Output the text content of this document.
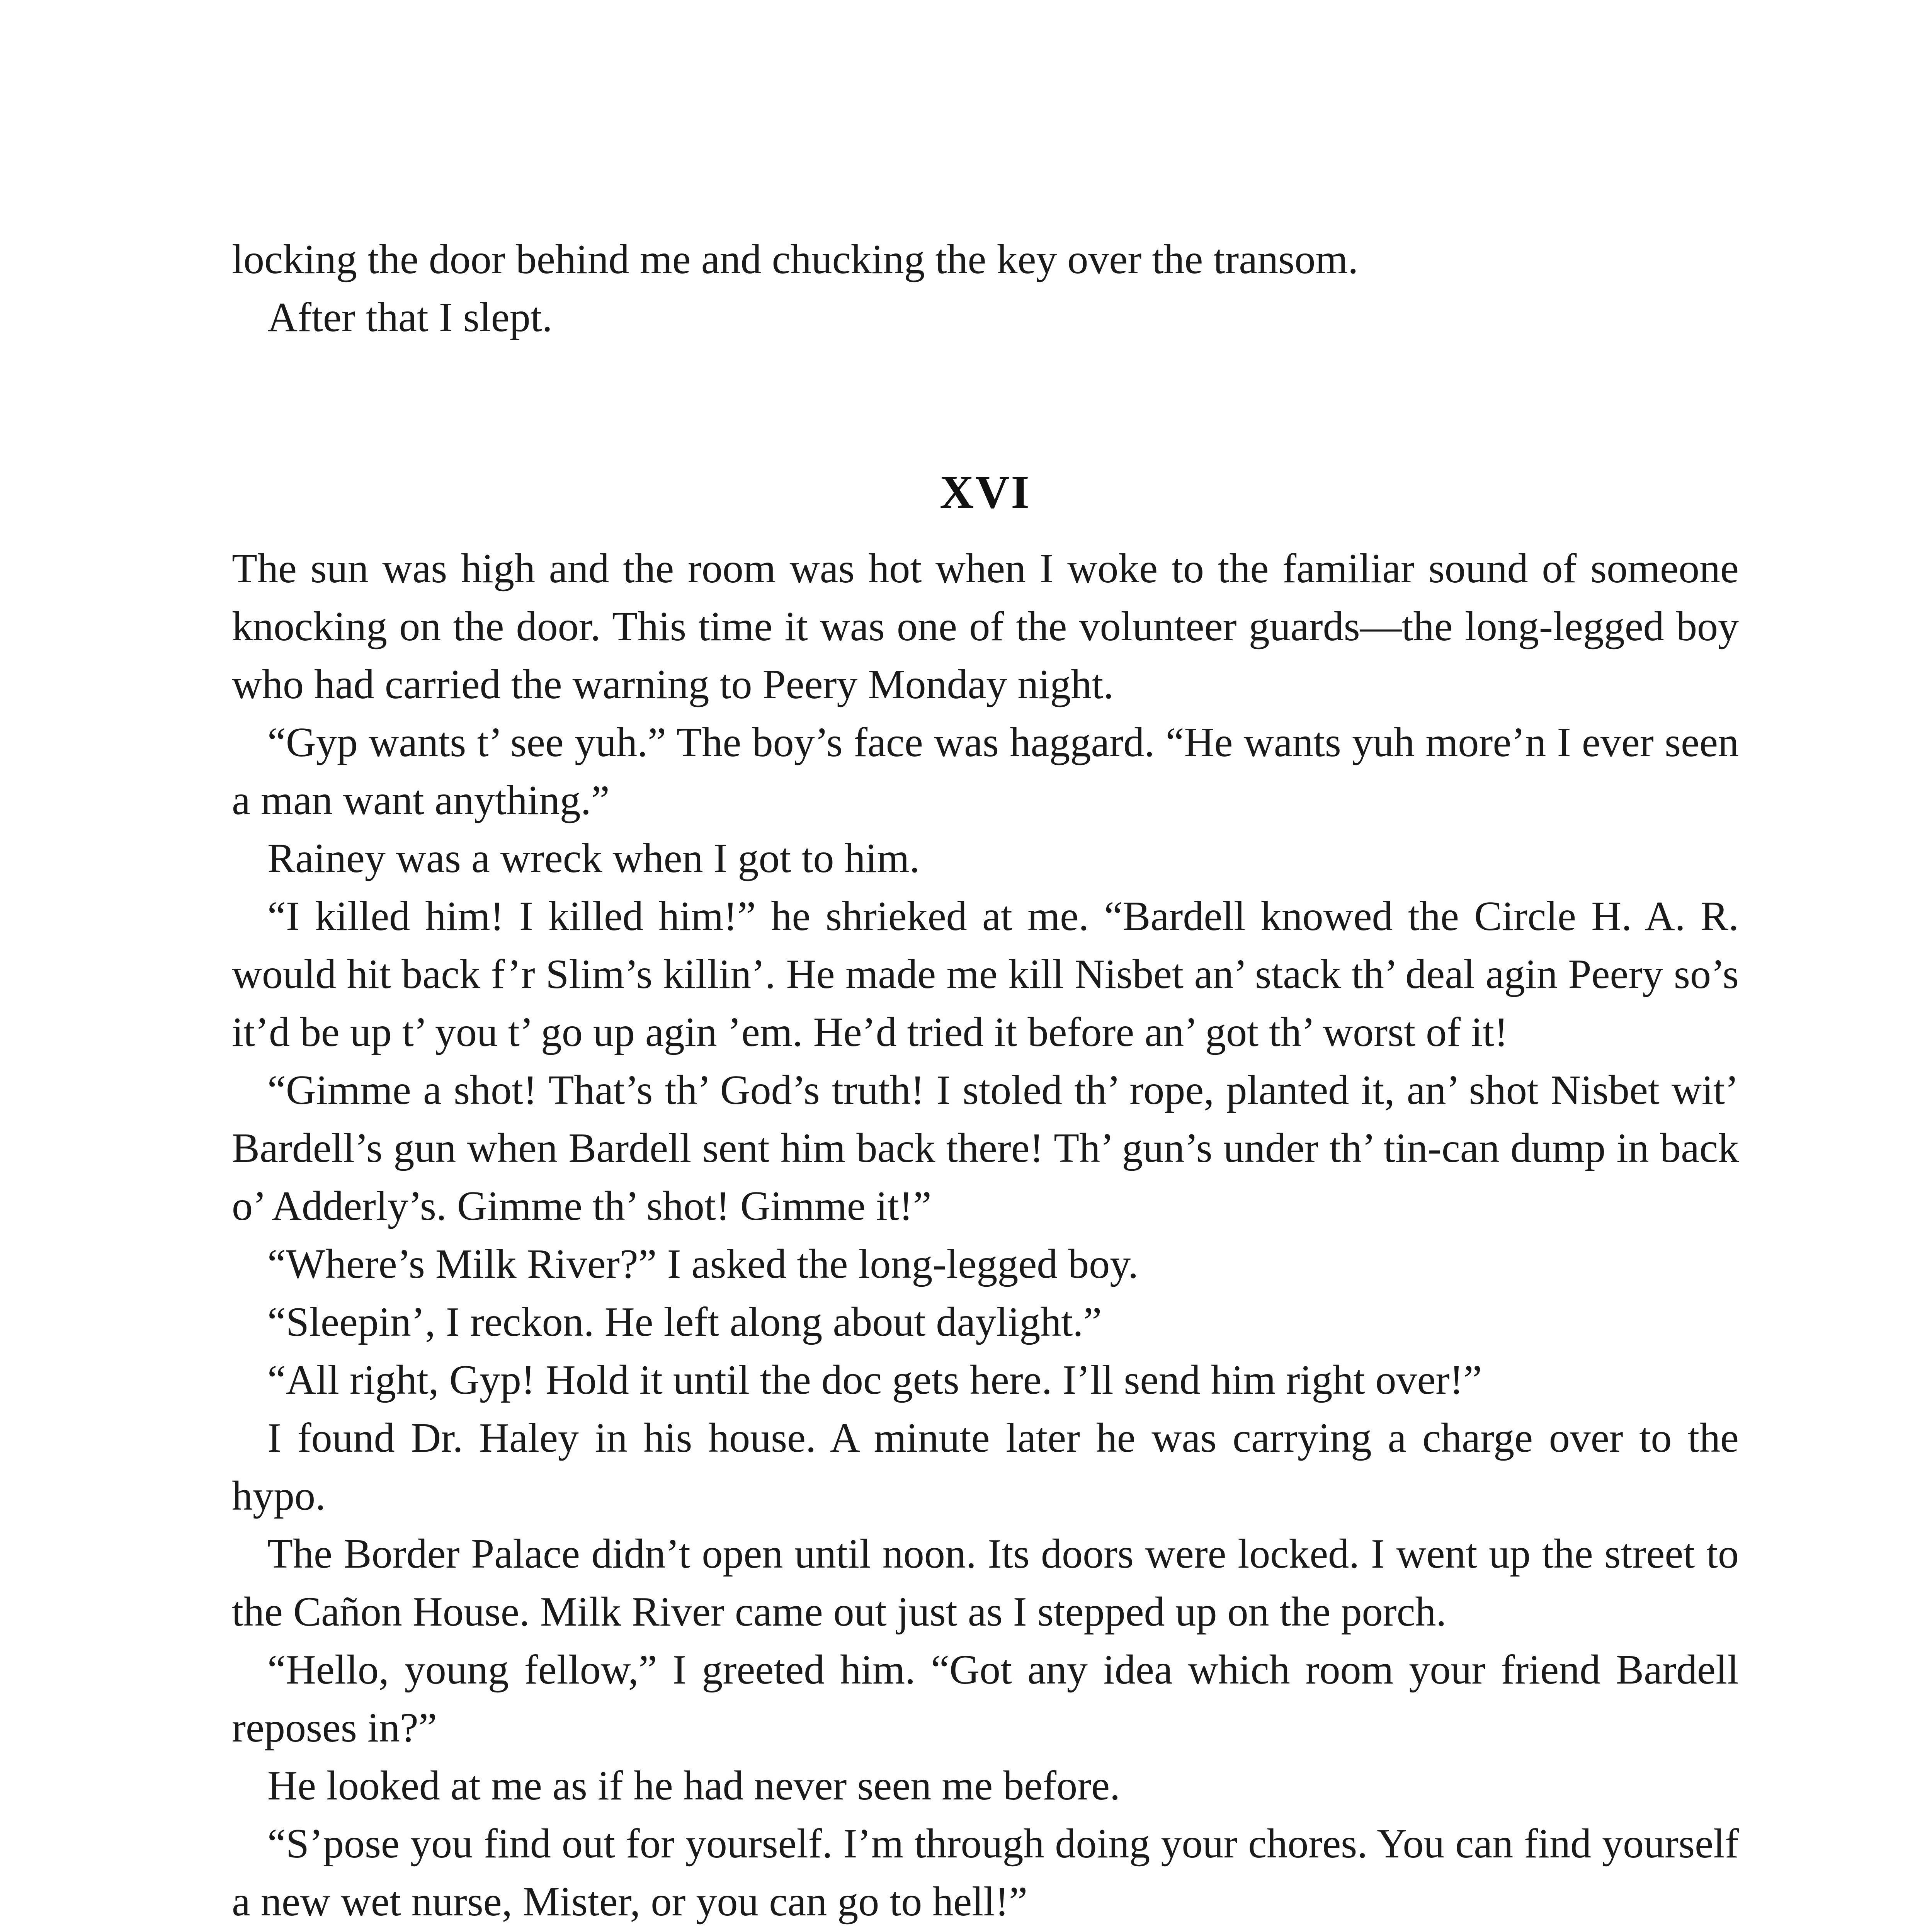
locking the door behind me and chucking the key over the transom.

After that I slept.

XVI

The sun was high and the room was hot when I woke to the familiar sound of someone knocking on the door. This time it was one of the volunteer guards—the long-legged boy who had carried the warning to Peery Monday night.

“Gyp wants t’ see yuh.” The boy’s face was haggard. “He wants yuh more’n I ever seen a man want anything.”

Rainey was a wreck when I got to him.

“I killed him! I killed him!” he shrieked at me. “Bardell knowed the Circle H. A. R. would hit back f’r Slim’s killin’. He made me kill Nisbet an’ stack th’ deal agin Peery so’s it’d be up t’ you t’ go up agin ’em. He’d tried it before an’ got th’ worst of it!

“Gimme a shot! That’s th’ God’s truth! I stoled th’ rope, planted it, an’ shot Nisbet wit’ Bardell’s gun when Bardell sent him back there! Th’ gun’s under th’ tin-can dump in back o’ Adderly’s. Gimme th’ shot! Gimme it!”

“Where’s Milk River?” I asked the long-legged boy.

“Sleepin’, I reckon. He left along about daylight.”

“All right, Gyp! Hold it until the doc gets here. I’ll send him right over!”

I found Dr. Haley in his house. A minute later he was carrying a charge over to the hypo.

The Border Palace didn’t open until noon. Its doors were locked. I went up the street to the Cañon House. Milk River came out just as I stepped up on the porch.

“Hello, young fellow,” I greeted him. “Got any idea which room your friend Bardell reposes in?”

He looked at me as if he had never seen me before.

“S’pose you find out for yourself. I’m through doing your chores. You can find yourself a new wet nurse, Mister, or you can go to hell!”
